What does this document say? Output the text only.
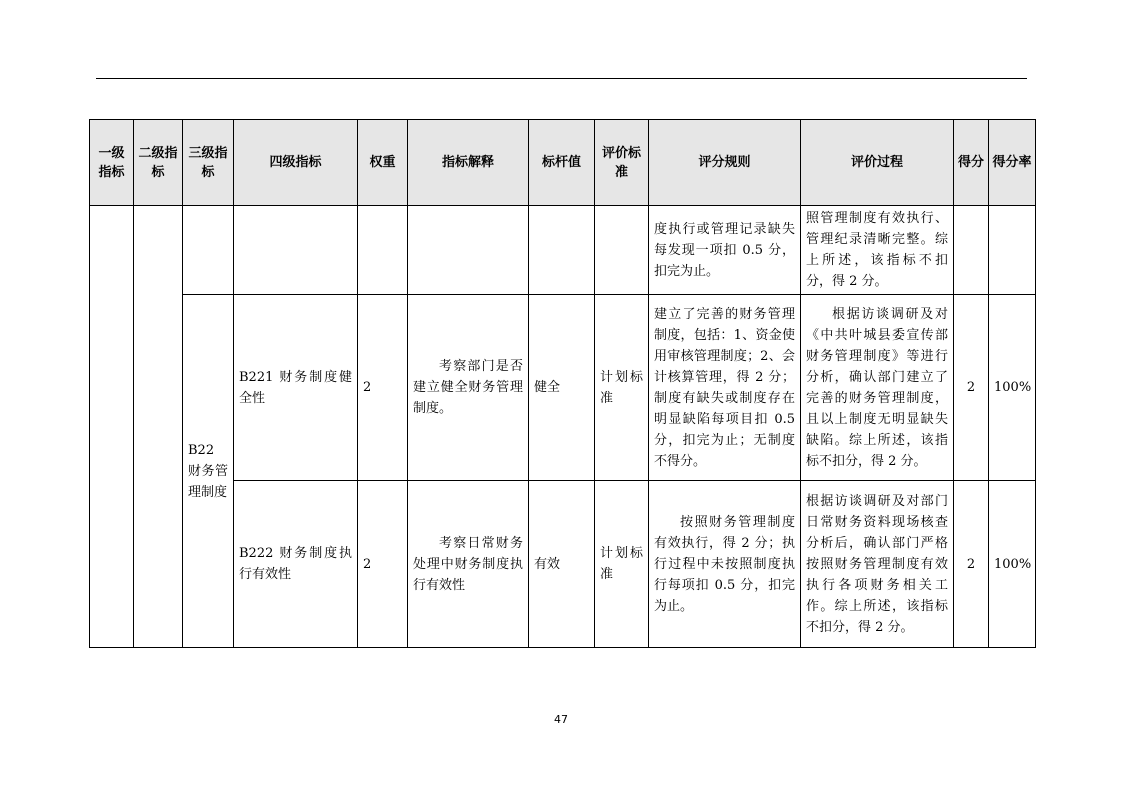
一级指标	二级指标	三级指标	四级指标	权重	指标解释	标杆值	评价标准	评分规则	评价过程	得分	得分率
								度执行或管理记录缺失每发现一项扣 0.5 分，扣完为止。	照管理制度有效执行、管理纪录清晰完整。综上所述，该指标不扣分，得 2 分。		
		B22 财务管理制度	B221 财务制度健全性	2	考察部门是否建立健全财务管理制度。	健全	计划标准	建立了完善的财务管理制度，包括：1、资金使用审核管理制度；2、会计核算管理，得 2 分；制度有缺失或制度存在明显缺陷每项目扣 0.5 分，扣完为止；无制度不得分。	根据访谈调研及对《中共叶城县委宣传部财务管理制度》等进行分析，确认部门建立了完善的财务管理制度，且以上制度无明显缺失缺陷。综上所述，该指标不扣分，得 2 分。	2	100%
			B222 财务制度执行有效性	2	考察日常财务处理中财务制度执行有效性	有效	计划标准	按照财务管理制度有效执行，得 2 分；执行过程中未按照制度执行每项扣 0.5 分，扣完为止。	根据访谈调研及对部门日常财务资料现场核查分析后，确认部门严格按照财务管理制度有效执行各项财务相关工作。综上所述，该指标不扣分，得 2 分。	2	100%
47
